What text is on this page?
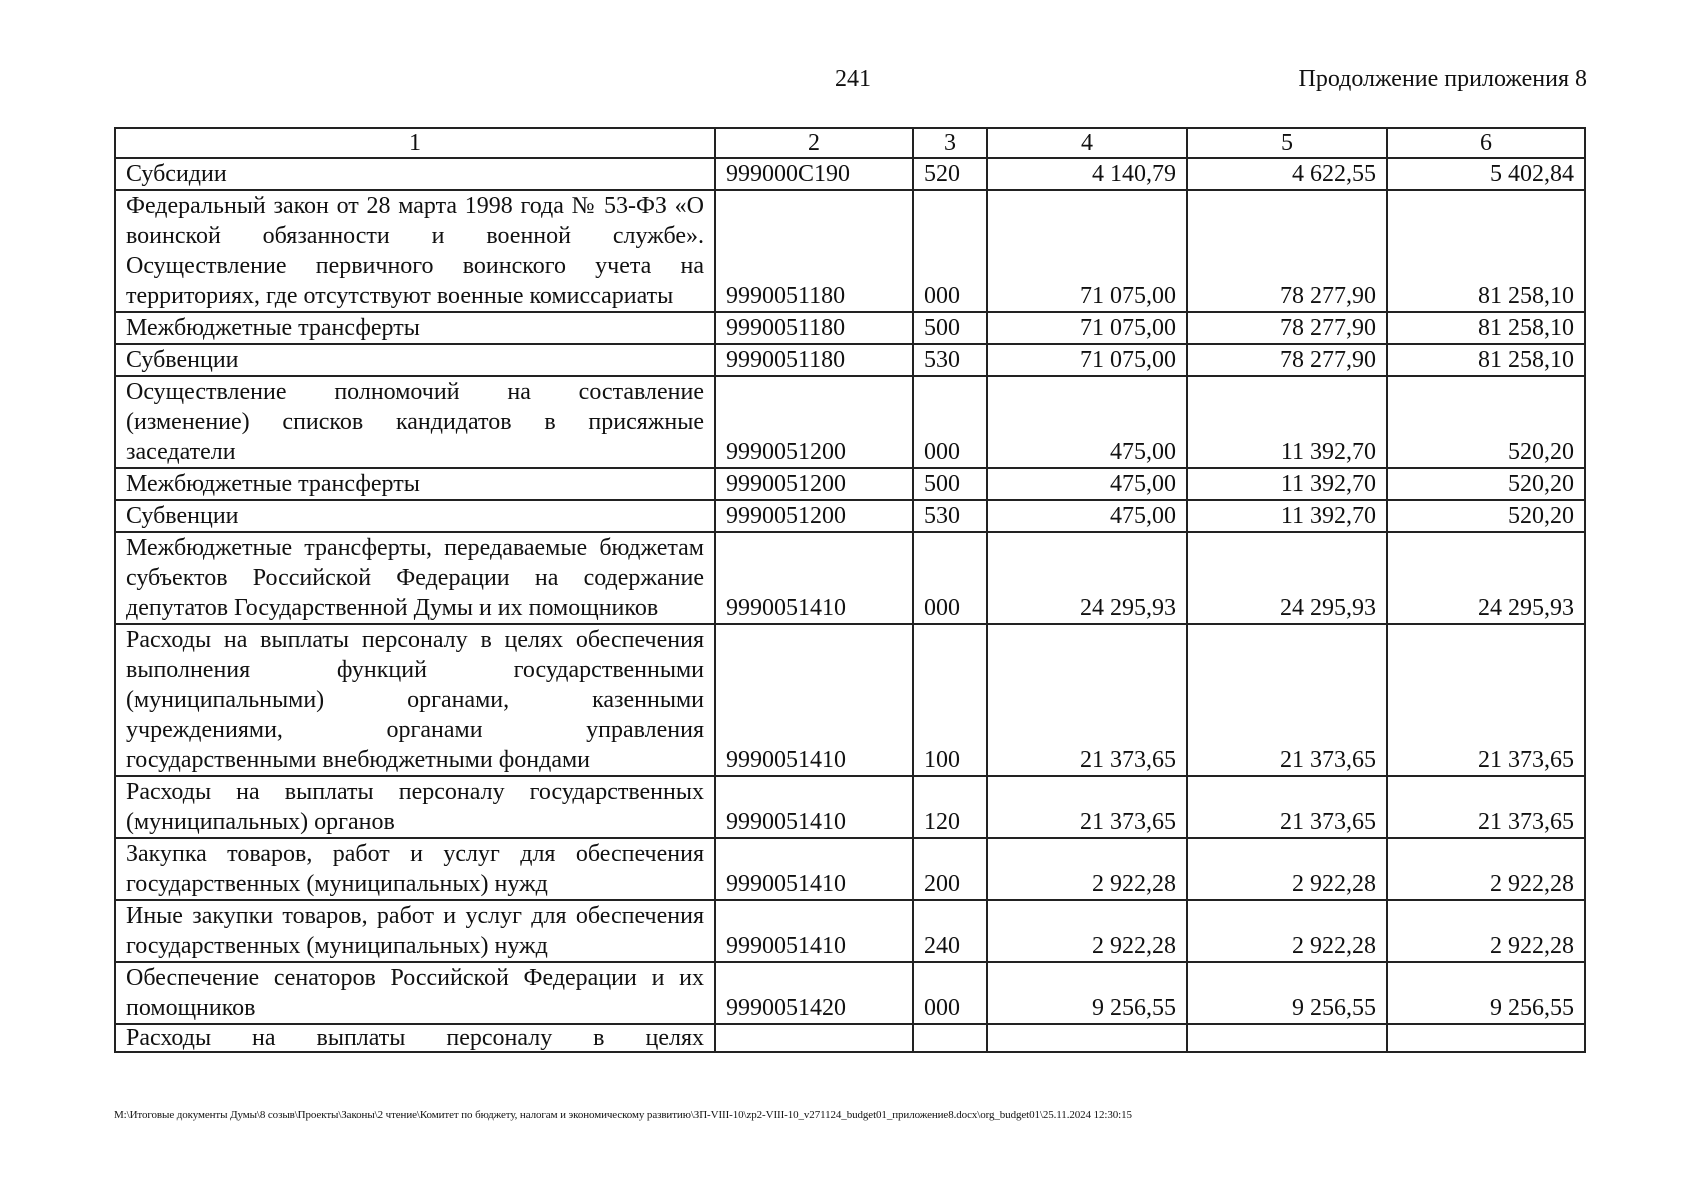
241	Продолжение приложения 8
1	2	3	4	5	6
Субсидии	999000С190	520	4 140,79	4 622,55	5 402,84
Федеральный закон от 28 марта 1998 года № 53-ФЗ «О воинской обязанности и военной службе». Осуществление первичного воинского учета на территориях, где отсутствуют военные комиссариаты	9990051180	000	71 075,00	78 277,90	81 258,10
Межбюджетные трансферты	9990051180	500	71 075,00	78 277,90	81 258,10
Субвенции	9990051180	530	71 075,00	78 277,90	81 258,10
Осуществление полномочий на составление (изменение) списков кандидатов в присяжные заседатели	9990051200	000	475,00	11 392,70	520,20
Межбюджетные трансферты	9990051200	500	475,00	11 392,70	520,20
Субвенции	9990051200	530	475,00	11 392,70	520,20
Межбюджетные трансферты, передаваемые бюджетам субъектов Российской Федерации на содержание депутатов Государственной Думы и их помощников	9990051410	000	24 295,93	24 295,93	24 295,93
Расходы на выплаты персоналу в целях обеспечения выполнения функций государственными (муниципальными) органами, казенными учреждениями, органами управления государственными внебюджетными фондами	9990051410	100	21 373,65	21 373,65	21 373,65
Расходы на выплаты персоналу государственных (муниципальных) органов	9990051410	120	21 373,65	21 373,65	21 373,65
Закупка товаров, работ и услуг для обеспечения государственных (муниципальных) нужд	9990051410	200	2 922,28	2 922,28	2 922,28
Иные закупки товаров, работ и услуг для обеспечения государственных (муниципальных) нужд	9990051410	240	2 922,28	2 922,28	2 922,28
Обеспечение сенаторов Российской Федерации и их помощников	9990051420	000	9 256,55	9 256,55	9 256,55
Расходы на выплаты персоналу в целях					
M:\Итоговые документы Думы\8 созыв\Проекты\Законы\2 чтение\Комитет по бюджету, налогам и экономическому развитию\ЗП-VIII-10\zp2-VIII-10_v271124_budget01_приложение8.docx\org_budget01\25.11.2024 12:30:15
